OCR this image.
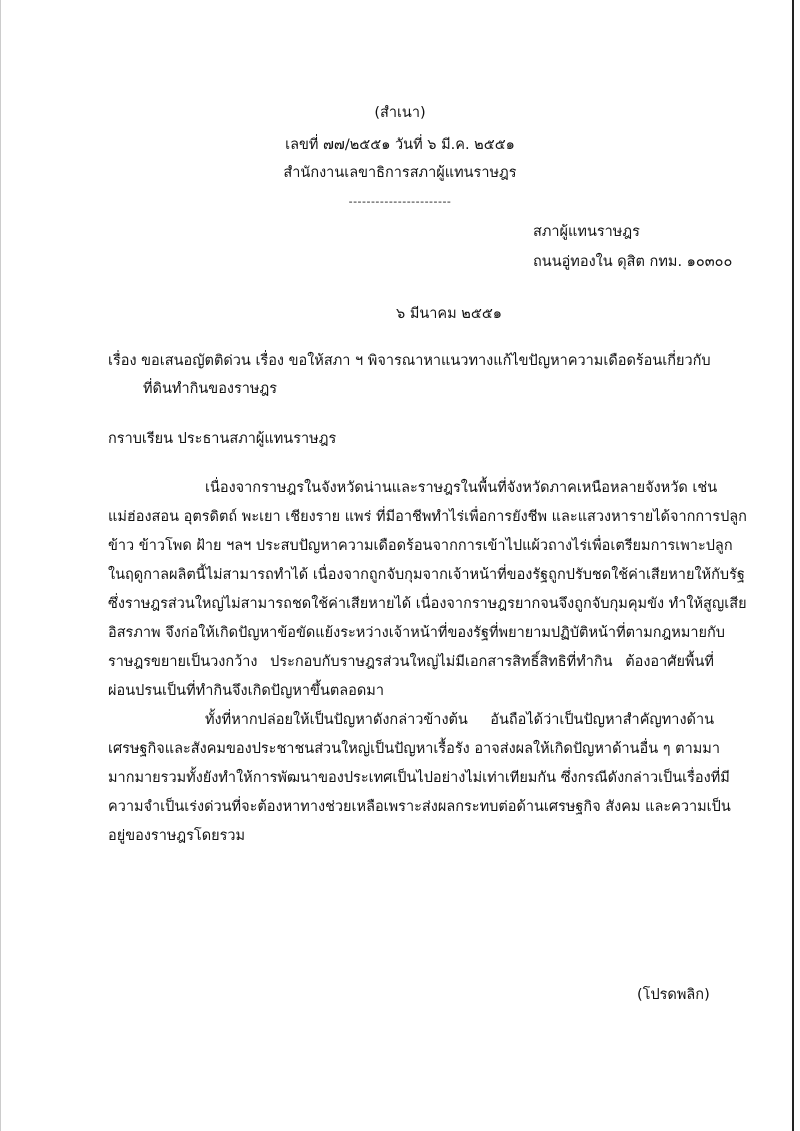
(สำเนา)
เลขที่ ๗๗/๒๕๕๑ วันที่ ๖ มี.ค. ๒๕๕๑
สำนักงานเลขาธิการสภาผู้แทนราษฎร
-----------------------
สภาผู้แทนราษฎร
ถนนอู่ทองใน ดุสิต กทม. ๑๐๓๐๐
๖ มีนาคม ๒๕๕๑
เรื่อง ขอเสนอญัตติด่วน เรื่อง ขอให้สภา ฯ พิจารณาหาแนวทางแก้ไขปัญหาความเดือดร้อนเกี่ยวกับ
ที่ดินทำกินของราษฎร
กราบเรียน ประธานสภาผู้แทนราษฎร
เนื่องจากราษฎรในจังหวัดน่านและราษฎรในพื้นที่จังหวัดภาคเหนือหลายจังหวัด เช่น
แม่ฮ่องสอน อุตรดิตถ์ พะเยา เชียงราย แพร่ ที่มีอาชีพทำไร่เพื่อการยังชีพ และแสวงหารายได้จากการปลูก
ข้าว ข้าวโพด ฝ้าย ฯลฯ ประสบปัญหาความเดือดร้อนจากการเข้าไปแผ้วถางไร่เพื่อเตรียมการเพาะปลูก
ในฤดูกาลผลิตนี้ไม่สามารถทำได้ เนื่องจากถูกจับกุมจากเจ้าหน้าที่ของรัฐถูกปรับชดใช้ค่าเสียหายให้กับรัฐ
ซึ่งราษฎรส่วนใหญ่ไม่สามารถชดใช้ค่าเสียหายได้ เนื่องจากราษฎรยากจนจึงถูกจับกุมคุมขัง ทำให้สูญเสีย
อิสรภาพ จึงก่อให้เกิดปัญหาข้อขัดแย้งระหว่างเจ้าหน้าที่ของรัฐที่พยายามปฏิบัติหน้าที่ตามกฎหมายกับ
ราษฎรขยายเป็นวงกว้าง ประกอบกับราษฎรส่วนใหญ่ไม่มีเอกสารสิทธิ์สิทธิที่ทำกิน ต้องอาศัยพื้นที่
ผ่อนปรนเป็นที่ทำกินจึงเกิดปัญหาขึ้นตลอดมา
ทั้งที่หากปล่อยให้เป็นปัญหาดังกล่าวข้างต้น อันถือได้ว่าเป็นปัญหาสำคัญทางด้าน
เศรษฐกิจและสังคมของประชาชนส่วนใหญ่เป็นปัญหาเรื้อรัง อาจส่งผลให้เกิดปัญหาด้านอื่น ๆ ตามมา
มากมายรวมทั้งยังทำให้การพัฒนาของประเทศเป็นไปอย่างไม่เท่าเทียมกัน ซึ่งกรณีดังกล่าวเป็นเรื่องที่มี
ความจำเป็นเร่งด่วนที่จะต้องหาทางช่วยเหลือเพราะส่งผลกระทบต่อด้านเศรษฐกิจ สังคม และความเป็น
อยู่ของราษฎรโดยรวม
(โปรดพลิก)
